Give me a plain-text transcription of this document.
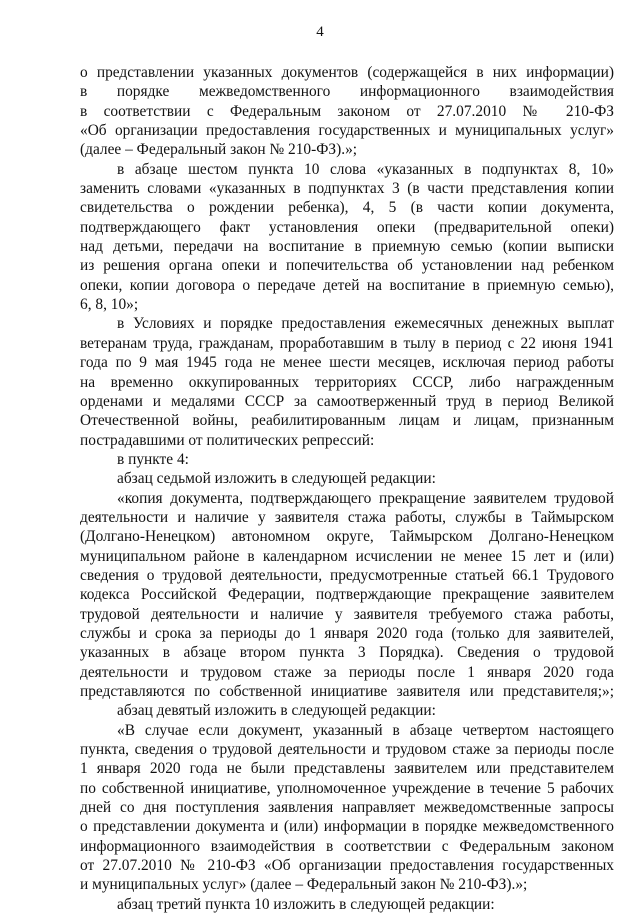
4
о представлении указанных документов (содержащейся в них информации)
в порядке межведомственного информационного взаимодействия
в соответствии с Федеральным законом от 27.07.2010 № 210-ФЗ
«Об организации предоставления государственных и муниципальных услуг»
(далее – Федеральный закон № 210-ФЗ).»;
в абзаце шестом пункта 10 слова «указанных в подпунктах 8, 10»
заменить словами «указанных в подпунктах 3 (в части представления копии
свидетельства о рождении ребенка), 4, 5 (в части копии документа,
подтверждающего факт установления опеки (предварительной опеки)
над детьми, передачи на воспитание в приемную семью (копии выписки
из решения органа опеки и попечительства об установлении над ребенком
опеки, копии договора о передаче детей на воспитание в приемную семью),
6, 8, 10»;
в Условиях и порядке предоставления ежемесячных денежных выплат
ветеранам труда, гражданам, проработавшим в тылу в период с 22 июня 1941
года по 9 мая 1945 года не менее шести месяцев, исключая период работы
на временно оккупированных территориях СССР, либо награжденным
орденами и медалями СССР за самоотверженный труд в период Великой
Отечественной войны, реабилитированным лицам и лицам, признанным
пострадавшими от политических репрессий:
в пункте 4:
абзац седьмой изложить в следующей редакции:
«копия документа, подтверждающего прекращение заявителем трудовой
деятельности и наличие у заявителя стажа работы, службы в Таймырском
(Долгано-Ненецком) автономном округе, Таймырском Долгано-Ненецком
муниципальном районе в календарном исчислении не менее 15 лет и (или)
сведения о трудовой деятельности, предусмотренные статьей 66.1 Трудового
кодекса Российской Федерации, подтверждающие прекращение заявителем
трудовой деятельности и наличие у заявителя требуемого стажа работы,
службы и срока за периоды до 1 января 2020 года (только для заявителей,
указанных в абзаце втором пункта 3 Порядка). Сведения о трудовой
деятельности и трудовом стаже за периоды после 1 января 2020 года
представляются по собственной инициативе заявителя или представителя;»;
абзац девятый изложить в следующей редакции:
«В случае если документ, указанный в абзаце четвертом настоящего
пункта, сведения о трудовой деятельности и трудовом стаже за периоды после
1 января 2020 года не были представлены заявителем или представителем
по собственной инициативе, уполномоченное учреждение в течение 5 рабочих
дней со дня поступления заявления направляет межведомственные запросы
о представлении документа и (или) информации в порядке межведомственного
информационного взаимодействия в соответствии с Федеральным законом
от 27.07.2010 № 210-ФЗ «Об организации предоставления государственных
и муниципальных услуг» (далее – Федеральный закон № 210-ФЗ).»;
абзац третий пункта 10 изложить в следующей редакции:
